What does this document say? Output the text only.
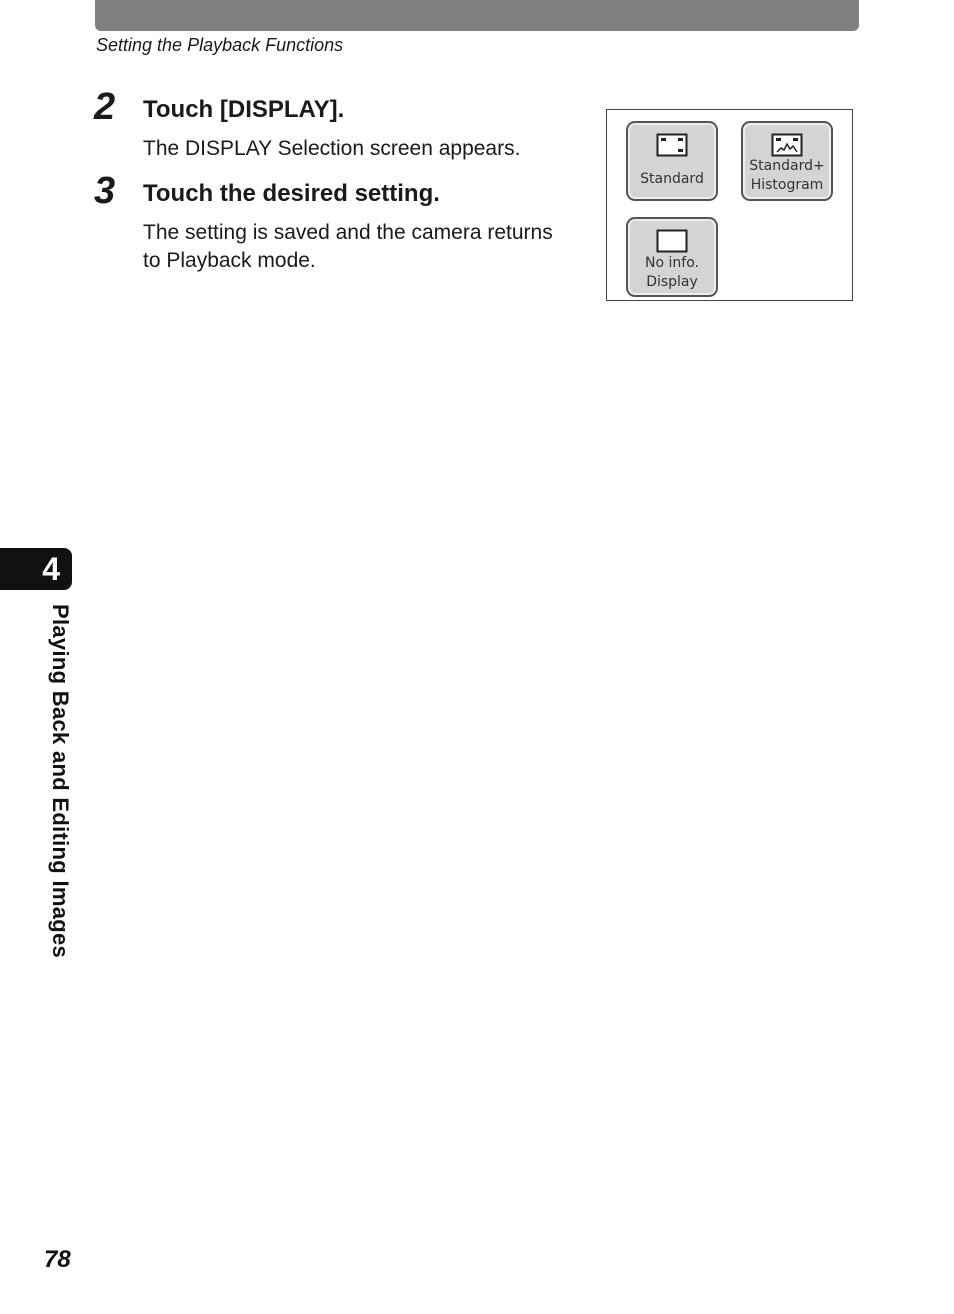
Setting the Playback Functions
2 Touch [DISPLAY].
The DISPLAY Selection screen appears.
3 Touch the desired setting.
The setting is saved and the camera returns
to Playback mode.
Standard
Standard+
Histogram
No info.
Display
4
Playing Back and Editing Images
78
